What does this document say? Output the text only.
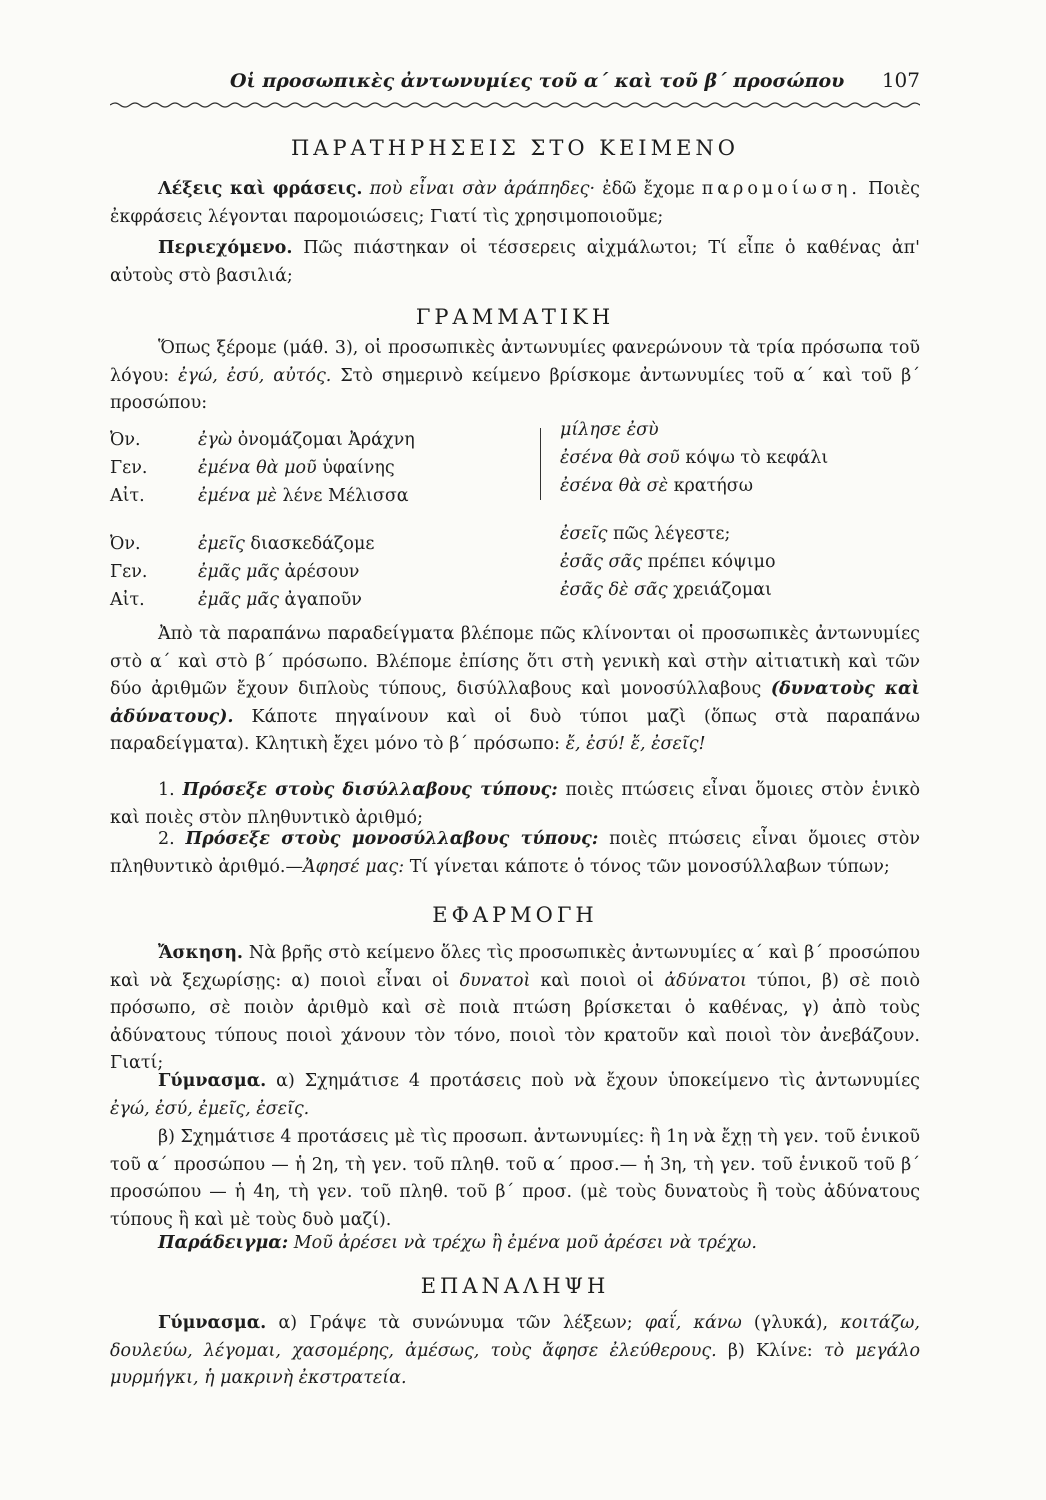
Οἱ προσωπικὲς ἀντωνυμίες τοῦ α΄ καὶ τοῦ β΄ προσώπου 107
ΠΑΡΑΤΗΡΗΣΕΙΣ ΣΤΟ ΚΕΙΜΕΝΟ

Λέξεις καὶ φράσεις. ποὺ εἶναι σὰν ἀράπηδες· ἐδῶ ἔχομε παρομοίωση. Ποιὲς ἐκφράσεις λέγονται παρομοιώσεις; Γιατί τὶς χρησιμοποιοῦμε;

Περιεχόμενο. Πῶς πιάστηκαν οἱ τέσσερεις αἰχμάλωτοι; Τί εἶπε ὁ καθένας ἀπ' αὐτοὺς στὸ βασιλιά;

ΓΡΑΜΜΑΤΙΚΗ

Ὅπως ξέρομε (μάθ. 3), οἱ προσωπικὲς ἀντωνυμίες φανερώνουν τὰ τρία πρόσωπα τοῦ λόγου: ἐγώ, ἐσύ, αὐτός. Στὸ σημερινὸ κείμενο βρίσκομε ἀντωνυμίες τοῦ α΄ καὶ τοῦ β΄ προσώπου:

Ὀν.	ἐγὼ ὀνομάζομαι Ἀράχνη	μίλησε ἐσὺ
Γεν.	ἐμένα θὰ μοῦ ὑφαίνης	ἐσένα θὰ σοῦ κόψω τὸ κεφάλι
Αἰτ.	ἐμένα μὲ λένε Μέλισσα	ἐσένα θὰ σὲ κρατήσω
Ὀν.	ἐμεῖς διασκεδάζομε	ἐσεῖς πῶς λέγεστε;
Γεν.	ἐμᾶς μᾶς ἀρέσουν	ἐσᾶς σᾶς πρέπει κόψιμο
Αἰτ.	ἐμᾶς μᾶς ἀγαποῦν	ἐσᾶς δὲ σᾶς χρειάζομαι

Ἀπὸ τὰ παραπάνω παραδείγματα βλέπομε πῶς κλίνονται οἱ προσωπικὲς ἀντωνυμίες στὸ α΄ καὶ στὸ β΄ πρόσωπο. Βλέπομε ἐπίσης ὅτι στὴ γενικὴ καὶ στὴν αἰτιατικὴ καὶ τῶν δύο ἀριθμῶν ἔχουν διπλοὺς τύπους, δισύλλαβους καὶ μονοσύλλαβους (δυνατοὺς καὶ ἀδύνατους). Κάποτε πηγαίνουν καὶ οἱ δυὸ τύποι μαζὶ (ὅπως στὰ παραπάνω παραδείγματα). Κλητικὴ ἔχει μόνο τὸ β΄ πρόσωπο: ἔ, ἐσύ! ἔ, ἐσεῖς!

1. Πρόσεξε στοὺς δισύλλαβους τύπους: ποιὲς πτώσεις εἶναι ὅμοιες στὸν ἑνικὸ καὶ ποιὲς στὸν πληθυντικὸ ἀριθμό;

2. Πρόσεξε στοὺς μονοσύλλαβους τύπους: ποιὲς πτώσεις εἶναι ὅμοιες στὸν πληθυντικὸ ἀριθμό.—Ἀφησέ μας: Τί γίνεται κάποτε ὁ τόνος τῶν μονοσύλλαβων τύπων;

ΕΦΑΡΜΟΓΗ

Ἄσκηση. Νὰ βρῆς στὸ κείμενο ὅλες τὶς προσωπικὲς ἀντωνυμίες α΄ καὶ β΄ προσώπου καὶ νὰ ξεχωρίσῃς: α) ποιοὶ εἶναι οἱ δυνατοὶ καὶ ποιοὶ οἱ ἀδύνατοι τύποι, β) σὲ ποιὸ πρόσωπο, σὲ ποιὸν ἀριθμὸ καὶ σὲ ποιὰ πτώση βρίσκεται ὁ καθένας, γ) ἀπὸ τοὺς ἀδύνατους τύπους ποιοὶ χάνουν τὸν τόνο, ποιοὶ τὸν κρατοῦν καὶ ποιοὶ τὸν ἀνεβάζουν. Γιατί;

Γύμνασμα. α) Σχημάτισε 4 προτάσεις ποὺ νὰ ἔχουν ὑποκείμενο τὶς ἀντωνυμίες ἐγώ, ἐσύ, ἐμεῖς, ἐσεῖς.

β) Σχημάτισε 4 προτάσεις μὲ τὶς προσωπ. ἀντωνυμίες: ἢ 1η νὰ ἔχῃ τὴ γεν. τοῦ ἑνικοῦ τοῦ α΄ προσώπου — ἡ 2η, τὴ γεν. τοῦ πληθ. τοῦ α΄ προσ.— ἡ 3η, τὴ γεν. τοῦ ἑνικοῦ τοῦ β΄ προσώπου — ἡ 4η, τὴ γεν. τοῦ πληθ. τοῦ β΄ προσ. (μὲ τοὺς δυνατοὺς ἢ τοὺς ἀδύνατους τύπους ἢ καὶ μὲ τοὺς δυὸ μαζί).

Παράδειγμα: Μοῦ ἀρέσει νὰ τρέχω ἢ ἐμένα μοῦ ἀρέσει νὰ τρέχω.

ΕΠΑΝΑΛΗΨΗ

Γύμνασμα. α) Γράψε τὰ συνώνυμα τῶν λέξεων; φαΐ, κάνω (γλυκά), κοιτάζω, δουλεύω, λέγομαι, χασομέρης, ἀμέσως, τοὺς ἄφησε ἐλεύθερους. β) Κλίνε: τὸ μεγάλο μυρμήγκι, ἡ μακρινὴ ἐκστρατεία.
